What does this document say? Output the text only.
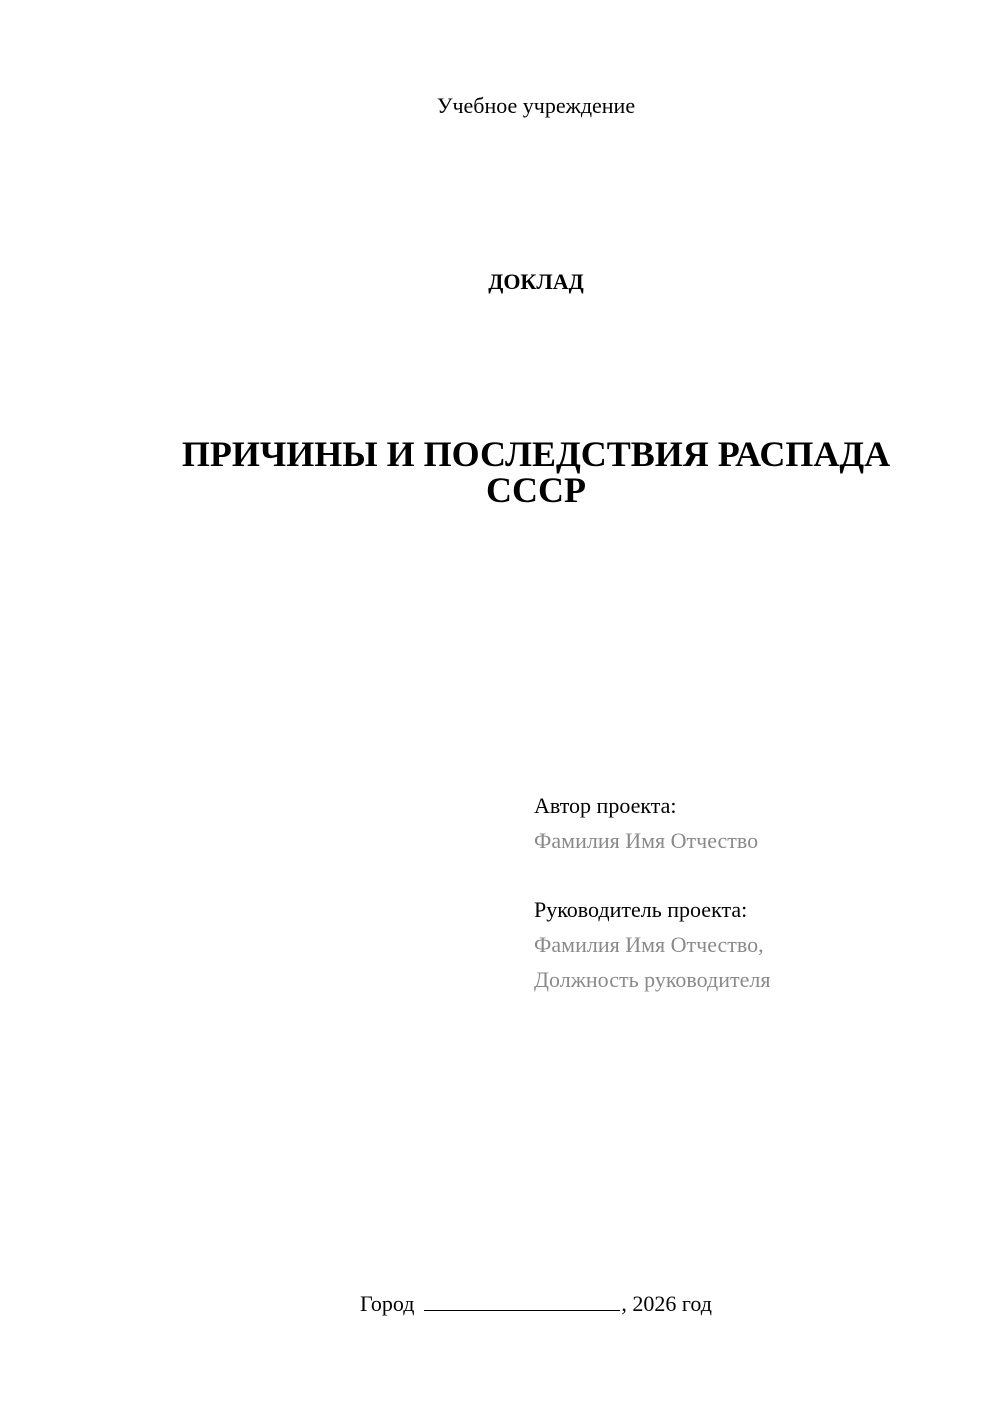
Учебное учреждение
ДОКЛАД
ПРИЧИНЫ И ПОСЛЕДСТВИЯ РАСПАДА
СССР
Автор проекта:
Фамилия Имя Отчество
Руководитель проекта:
Фамилия Имя Отчество,
Должность руководителя
Город	, 2026 год
